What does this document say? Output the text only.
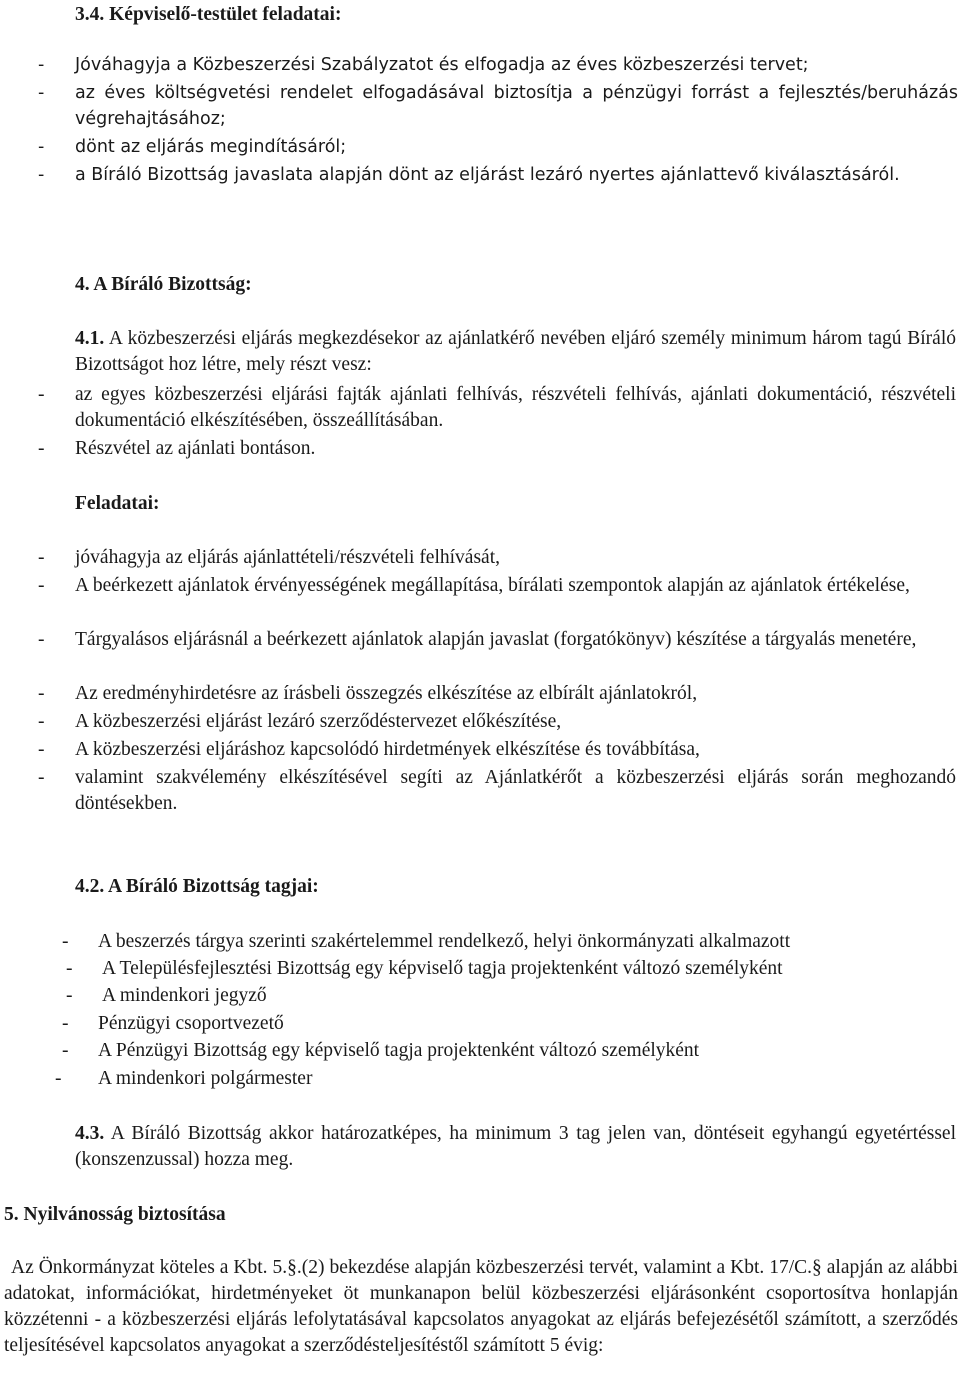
3.4. Képviselő-testület feladatai:
- Jóváhagyja a Közbeszerzési Szabályzatot és elfogadja az éves közbeszerzési tervet;
- az éves költségvetési rendelet elfogadásával biztosítja a pénzügyi forrást a fejlesztés/beruházás végrehajtásához;
- dönt az eljárás megindításáról;
- a Bíráló Bizottság javaslata alapján dönt az eljárást lezáró nyertes ajánlattevő kiválasztásáról.
4. A Bíráló Bizottság:
4.1. A közbeszerzési eljárás megkezdésekor az ajánlatkérő nevében eljáró személy minimum három tagú Bíráló Bizottságot hoz létre, mely részt vesz:
- az egyes közbeszerzési eljárási fajták ajánlati felhívás, részvételi felhívás, ajánlati dokumentáció, részvételi dokumentáció elkészítésében, összeállításában.
- Részvétel az ajánlati bontáson.
Feladatai:
- jóváhagyja az eljárás ajánlattételi/részvételi felhívását,
- A beérkezett ajánlatok érvényességének megállapítása, bírálati szempontok alapján az ajánlatok értékelése,
- Tárgyalásos eljárásnál a beérkezett ajánlatok alapján javaslat (forgatókönyv) készítése a tárgyalás menetére,
- Az eredményhirdetésre az írásbeli összegzés elkészítése az elbírált ajánlatokról,
- A közbeszerzési eljárást lezáró szerződéstervezet előkészítése,
- A közbeszerzési eljáráshoz kapcsolódó hirdetmények elkészítése és továbbítása,
- valamint szakvélemény elkészítésével segíti az Ajánlatkérőt a közbeszerzési eljárás során meghozandó döntésekben.
4.2. A Bíráló Bizottság tagjai:
- A beszerzés tárgya szerinti szakértelemmel rendelkező, helyi önkormányzati alkalmazott
- A Településfejlesztési Bizottság egy képviselő tagja projektenként változó személyként
- A mindenkori jegyző
- Pénzügyi csoportvezető
- A Pénzügyi Bizottság egy képviselő tagja projektenként változó személyként
- A mindenkori polgármester
4.3. A Bíráló Bizottság akkor határozatképes, ha minimum 3 tag jelen van, döntéseit egyhangú egyetértéssel (konszenzussal) hozza meg.
5. Nyilvánosság biztosítása
Az Önkormányzat köteles a Kbt. 5.§.(2) bekezdése alapján közbeszerzési tervét, valamint a Kbt. 17/C.§ alapján az alábbi adatokat, információkat, hirdetményeket öt munkanapon belül közbeszerzési eljárásonként csoportosítva honlapján közzétenni - a közbeszerzési eljárás lefolytatásával kapcsolatos anyagokat az eljárás befejezésétől számított, a szerződés teljesítésével kapcsolatos anyagokat a szerződésteljesítéstől számított 5 évig:
